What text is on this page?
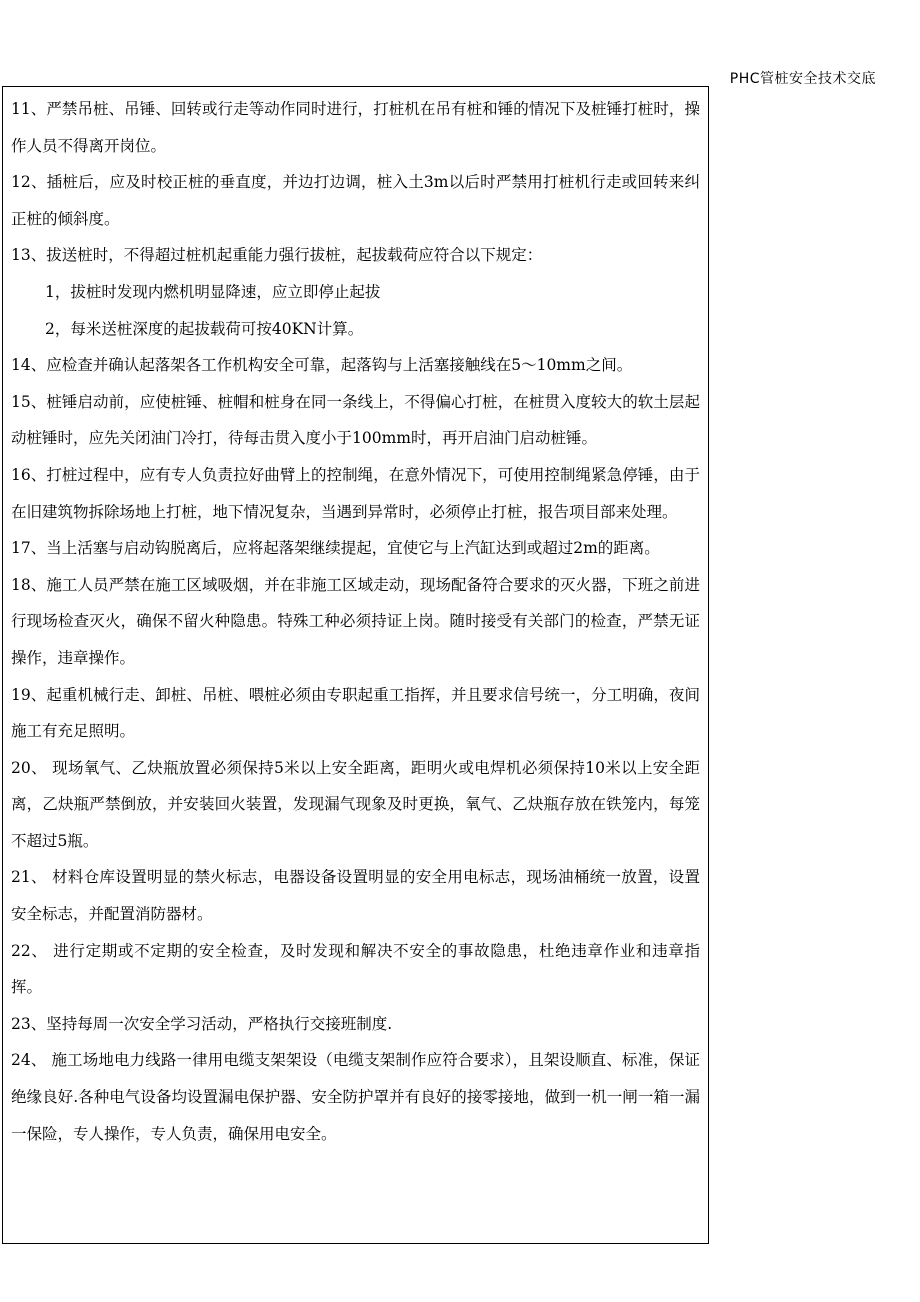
PHC管桩安全技术交底

11、严禁吊桩、吊锤、回转或行走等动作同时进行，打桩机在吊有桩和锤的情况下及桩锤打桩时，操作人员不得离开岗位。

12、插桩后，应及时校正桩的垂直度，并边打边调，桩入土3m以后时严禁用打桩机行走或回转来纠正桩的倾斜度。

13、拔送桩时，不得超过桩机起重能力强行拔桩，起拔载荷应符合以下规定：

1，拔桩时发现内燃机明显降速，应立即停止起拔

2，每米送桩深度的起拔载荷可按40KN计算。

14、应检查并确认起落架各工作机构安全可靠，起落钩与上活塞接触线在5～10mm之间。

15、桩锤启动前，应使桩锤、桩帽和桩身在同一条线上，不得偏心打桩，在桩贯入度较大的软土层起动桩锤时，应先关闭油门冷打，待每击贯入度小于100mm时，再开启油门启动桩锤。

16、打桩过程中，应有专人负责拉好曲臂上的控制绳，在意外情况下，可使用控制绳紧急停锤，由于在旧建筑物拆除场地上打桩，地下情况复杂，当遇到异常时，必须停止打桩，报告项目部来处理。

17、当上活塞与启动钩脱离后，应将起落架继续提起，宜使它与上汽缸达到或超过2m的距离。

18、施工人员严禁在施工区域吸烟，并在非施工区域走动，现场配备符合要求的灭火器，下班之前进行现场检查灭火，确保不留火种隐患。特殊工种必须持证上岗。随时接受有关部门的检查，严禁无证操作，违章操作。

19、起重机械行走、卸桩、吊桩、喂桩必须由专职起重工指挥，并且要求信号统一，分工明确，夜间施工有充足照明。

20、 现场氧气、乙炔瓶放置必须保持5米以上安全距离，距明火或电焊机必须保持10米以上安全距离，乙炔瓶严禁倒放，并安装回火装置，发现漏气现象及时更换，氧气、乙炔瓶存放在铁笼内，每笼不超过5瓶。

21、 材料仓库设置明显的禁火标志，电器设备设置明显的安全用电标志，现场油桶统一放置，设置安全标志，并配置消防器材。

22、 进行定期或不定期的安全检查，及时发现和解决不安全的事故隐患，杜绝违章作业和违章指挥。

23、坚持每周一次安全学习活动，严格执行交接班制度.

24、 施工场地电力线路一律用电缆支架架设（电缆支架制作应符合要求），且架设顺直、标准，保证绝缘良好.各种电气设备均设置漏电保护器、安全防护罩并有良好的接零接地，做到一机一闸一箱一漏一保险，专人操作，专人负责，确保用电安全。
